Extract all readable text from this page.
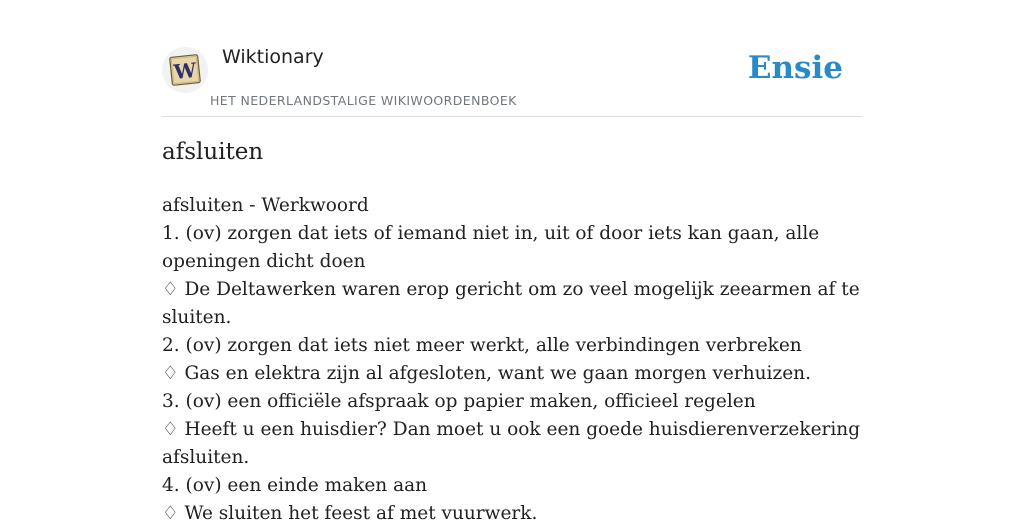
W
Wiktionary
HET NEDERLANDSTALIGE WIKIWOORDENBOEK
Ensie
afsluiten

afsluiten - Werkwoord

1. (ov) zorgen dat iets of iemand niet in, uit of door iets kan gaan, alle openingen dicht doen

♢ De Deltawerken waren erop gericht om zo veel mogelijk zeearmen af te sluiten.

2. (ov) zorgen dat iets niet meer werkt, alle verbindingen verbreken

♢ Gas en elektra zijn al afgesloten, want we gaan morgen verhuizen.

3. (ov) een officiële afspraak op papier maken, officieel regelen

♢ Heeft u een huisdier? Dan moet u ook een goede huisdierenverzekering afsluiten.

4. (ov) een einde maken aan

♢ We sluiten het feest af met vuurwerk.
